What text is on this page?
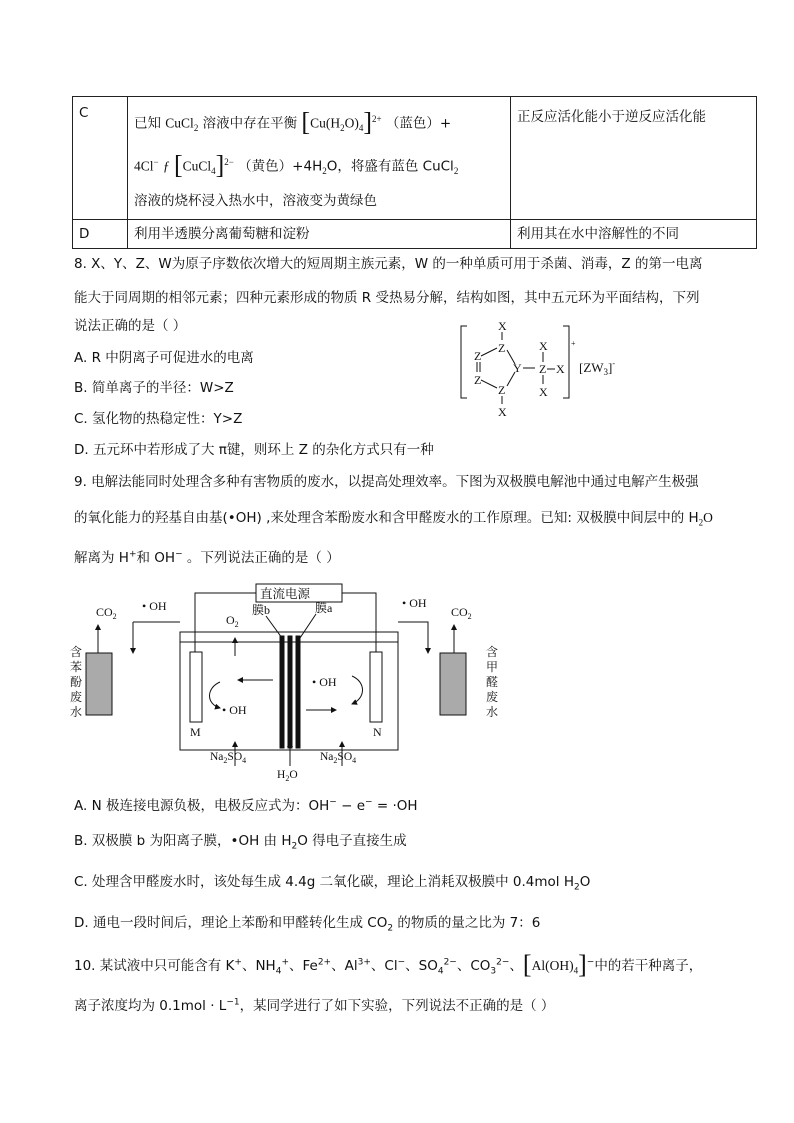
C	已知 CuCl$_2$ 溶液中存在平衡 $[Cu(H_2O)_4]^{2+}$ （蓝色）+
4Cl− ƒ [CuCl$_4$]$^{2-}$ （黄色）$+4H_2O$，将盛有蓝色 CuCl$_2$
溶液的烧杯浸入热水中，溶液变为黄绿色	正反应活化能小于逆反应活化能
D	利用半透膜分离葡萄糖和淀粉	利用其在水中溶解性的不同
8. X、Y、Z、W为原子序数依次增大的短周期主族元素，W 的一种单质可用于杀菌、消毒，Z 的第一电离
能大于同周期的相邻元素；四种元素形成的物质 R 受热易分解，结构如图，其中五元环为平面结构，下列
说法正确的是（ ）
A. R 中阴离子可促进水的电离
B. 简单离子的半径：W>Z
C. 氢化物的热稳定性：Y>Z
D. 五元环中若形成了大 π键，则环上 Z 的杂化方式只有一种
+
X
Z
Z
Z
Z
X
Y
X
Z X
X
$[ZW_3]^-$
9. 电解法能同时处理含多种有害物质的废水，以提高处理效率。下图为双极膜电解池中通过电解产生极强
的氧化能力的羟基自由基(•OH) ,来处理含苯酚废水和含甲醛废水的工作原理。已知: 双极膜中间层中的 $H_2O$
解离为 H+和 OH− 。下列说法正确的是（ ）
直流电源
$CO_2$
• OH	• OH
$CO_2$
$O_2$
膜b	膜a
含
苯
酚
废
水
含
甲
醛
废
水
• OH
• OH
M	N
$Na_2SO_4$	$Na_2SO_4$
$H_2O$
A. N 极连接电源负极，电极反应式为：OH− − e− = ·OH
B. 双极膜 b 为阳离子膜，•OH 由 $H_2O$ 得电子直接生成
C. 处理含甲醛废水时，该处每生成 4.4g 二氧化碳，理论上消耗双极膜中 0.4mol $H_2O$
D. 通电一段时间后，理论上苯酚和甲醛转化生成 $CO_2$ 的物质的量之比为 7：6
10. 某试液中只可能含有 K+、$NH_4^+$、$Fe^{2+}$、$Al^{3+}$、Cl−、$SO_4^{2-}$、$CO_3^{2-}$、$[Al(OH)_4]^-$中的若干种离子，
离子浓度均为 $0.1mol \cdot L^{-1}$，某同学进行了如下实验，下列说法不正确的是（ ）
